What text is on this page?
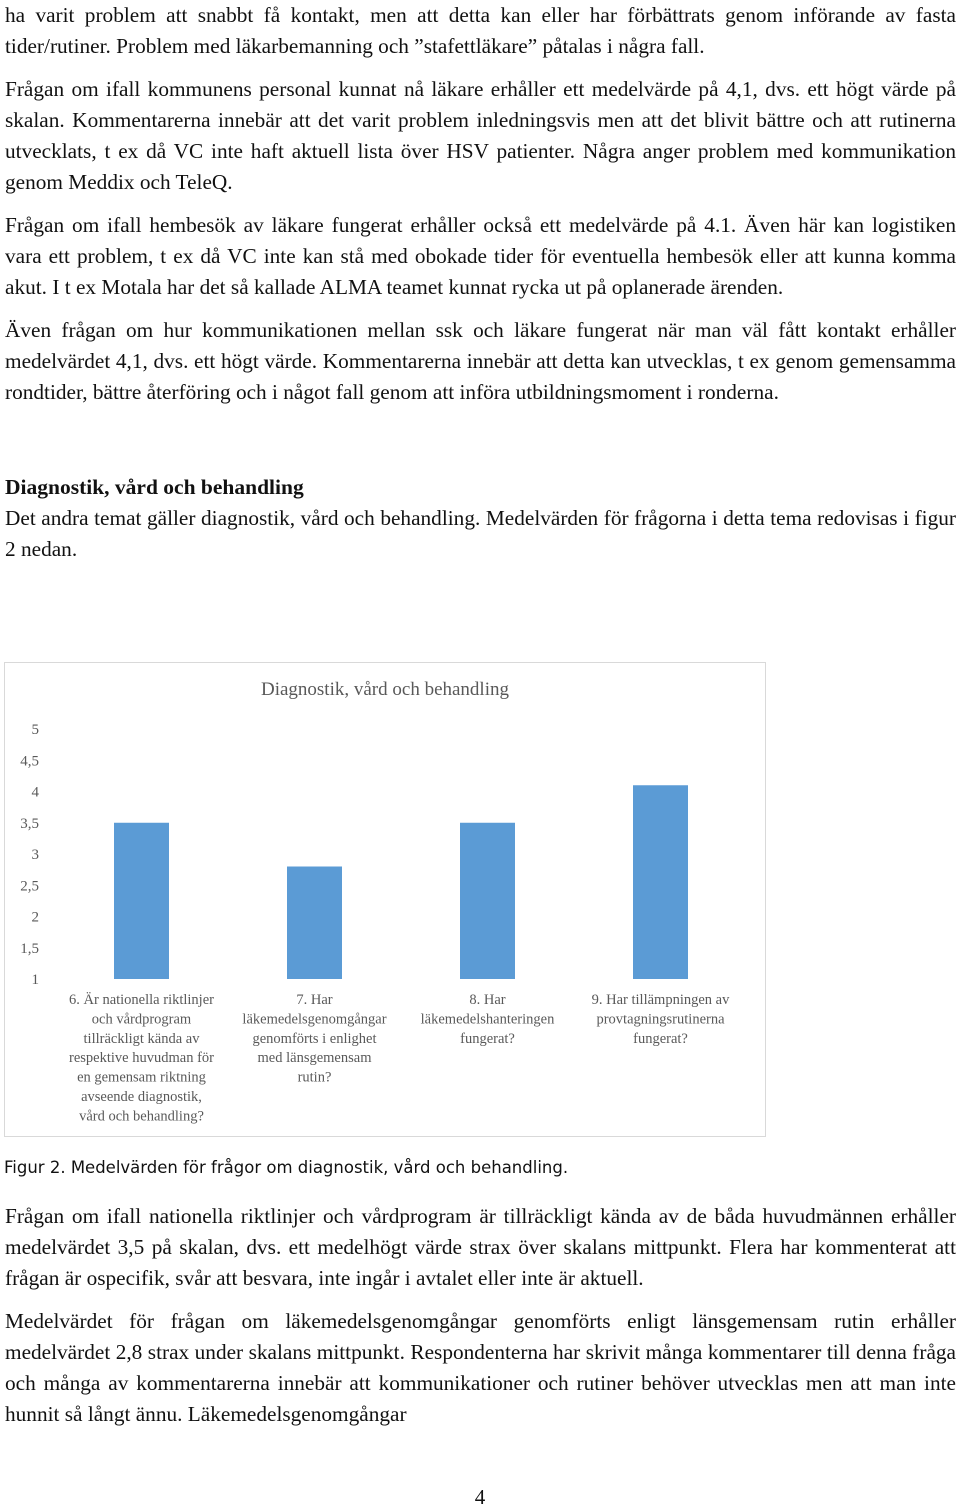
ha varit problem att snabbt få kontakt, men att detta kan eller har förbättrats genom införande av fasta tider/rutiner. Problem med läkarbemanning och ”stafettläkare” påtalas i några fall.

Frågan om ifall kommunens personal kunnat nå läkare erhåller ett medelvärde på 4,1, dvs. ett högt värde på skalan. Kommentarerna innebär att det varit problem inledningsvis men att det blivit bättre och att rutinerna utvecklats, t ex då VC inte haft aktuell lista över HSV patienter. Några anger problem med kommunikation genom Meddix och TeleQ.

Frågan om ifall hembesök av läkare fungerat erhåller också ett medelvärde på 4.1. Även här kan logistiken vara ett problem, t ex då VC inte kan stå med obokade tider för eventuella hembesök eller att kunna komma akut. I t ex Motala har det så kallade ALMA teamet kunnat rycka ut på oplanerade ärenden.

Även frågan om hur kommunikationen mellan ssk och läkare fungerat när man väl fått kontakt erhåller medelvärdet 4,1, dvs. ett högt värde. Kommentarerna innebär att detta kan utvecklas, t ex genom gemensamma rondtider, bättre återföring och i något fall genom att införa utbildningsmoment i ronderna.

Diagnostik, vård och behandling

Det andra temat gäller diagnostik, vård och behandling. Medelvärden för frågorna i detta tema redovisas i figur 2 nedan.

Diagnostik, vård och behandling
5
4,5
4
3,5
3
2,5
2
1,5
1
6. Är nationella riktlinjer och vårdprogram tillräckligt kända av respektive huvudman för en gemensam riktning avseende diagnostik, vård och behandling?
7. Har läkemedelsgenomgångar genomförts i enlighet med länsgemensam rutin?
8. Har läkemedelshanteringen fungerat?
9. Har tillämpningen av provtagningsrutinerna fungerat?
Figur 2. Medelvärden för frågor om diagnostik, vård och behandling.

Frågan om ifall nationella riktlinjer och vårdprogram är tillräckligt kända av de båda huvudmännen erhåller medelvärdet 3,5 på skalan, dvs. ett medelhögt värde strax över skalans mittpunkt. Flera har kommenterat att frågan är ospecifik, svår att besvara, inte ingår i avtalet eller inte är aktuell.

Medelvärdet för frågan om läkemedelsgenomgångar genomförts enligt länsgemensam rutin erhåller medelvärdet 2,8 strax under skalans mittpunkt. Respondenterna har skrivit många kommentarer till denna fråga och många av kommentarerna innebär att kommunikationer och rutiner behöver utvecklas men att man inte hunnit så långt ännu. Läkemedelsgenomgångar

4
